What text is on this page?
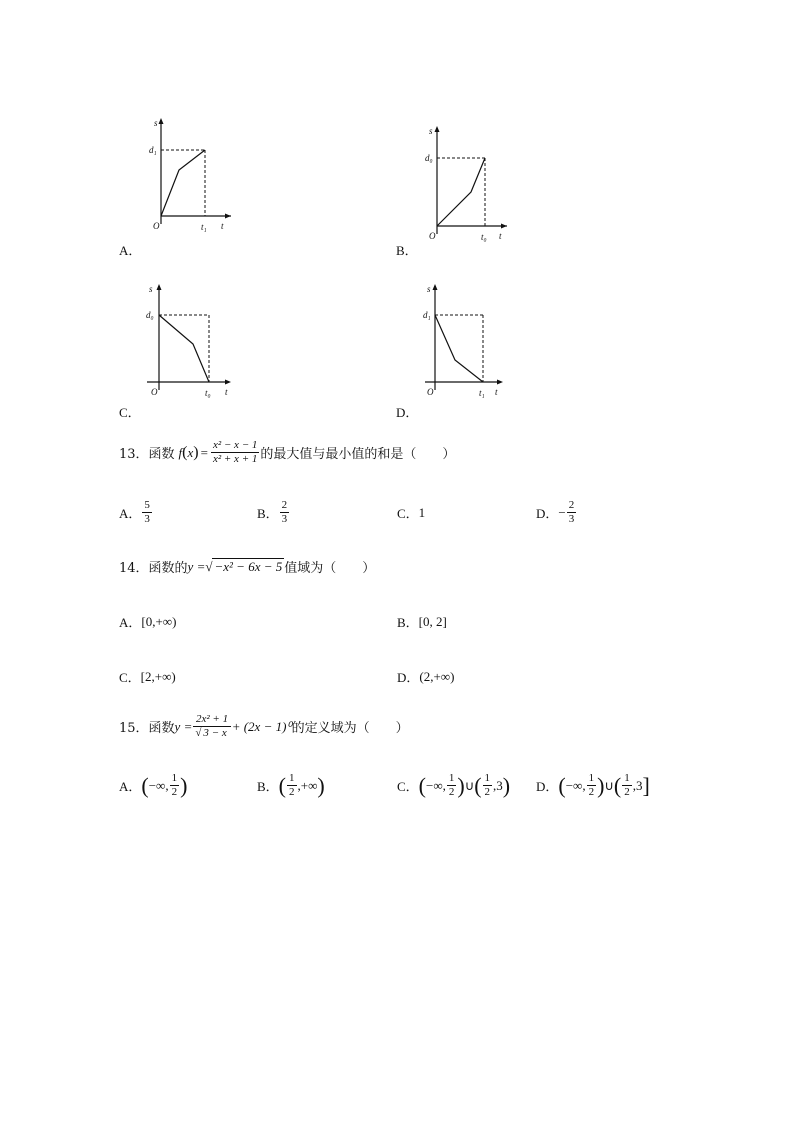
A．
s
d₁
O	t₁ t
B．
s
d₀
O	t₀ t
C．
s
d₀
O	t₀ t
D．
s
d₁
O	t₁ t
13．函数 f ( x ) = $\frac{\text{x² − x − 1}}{\text{x² + x + 1}}$ 的最大值与最小值的和是（　　）
A． $\frac{5}{3}$	B． $\frac{2}{3}$	C． 1	D． − $\frac{2}{3}$
14．函数的 y = √ −x² − 6x − 5 值域为（　　）
A． [0,+∞)	B． [0, 2]
C． [2,+∞)	D． (2,+∞)
15．函数 $y = \frac{\text{2x² + 1}}{√ 3 - x} + (2x - 1)^0$ 的定义域为（　　）
A． ( −∞, $\frac{1}{2}$ )	B． ( $\frac{1}{2}$ ,+∞ )	C． ( −∞, $\frac{1}{2}$ ) ∪ ( $\frac{1}{2} ,3$ ) D． ( −∞, $\frac{1}{2}$ ) ∪ ( $\frac{1}{2} ,3$ ]
